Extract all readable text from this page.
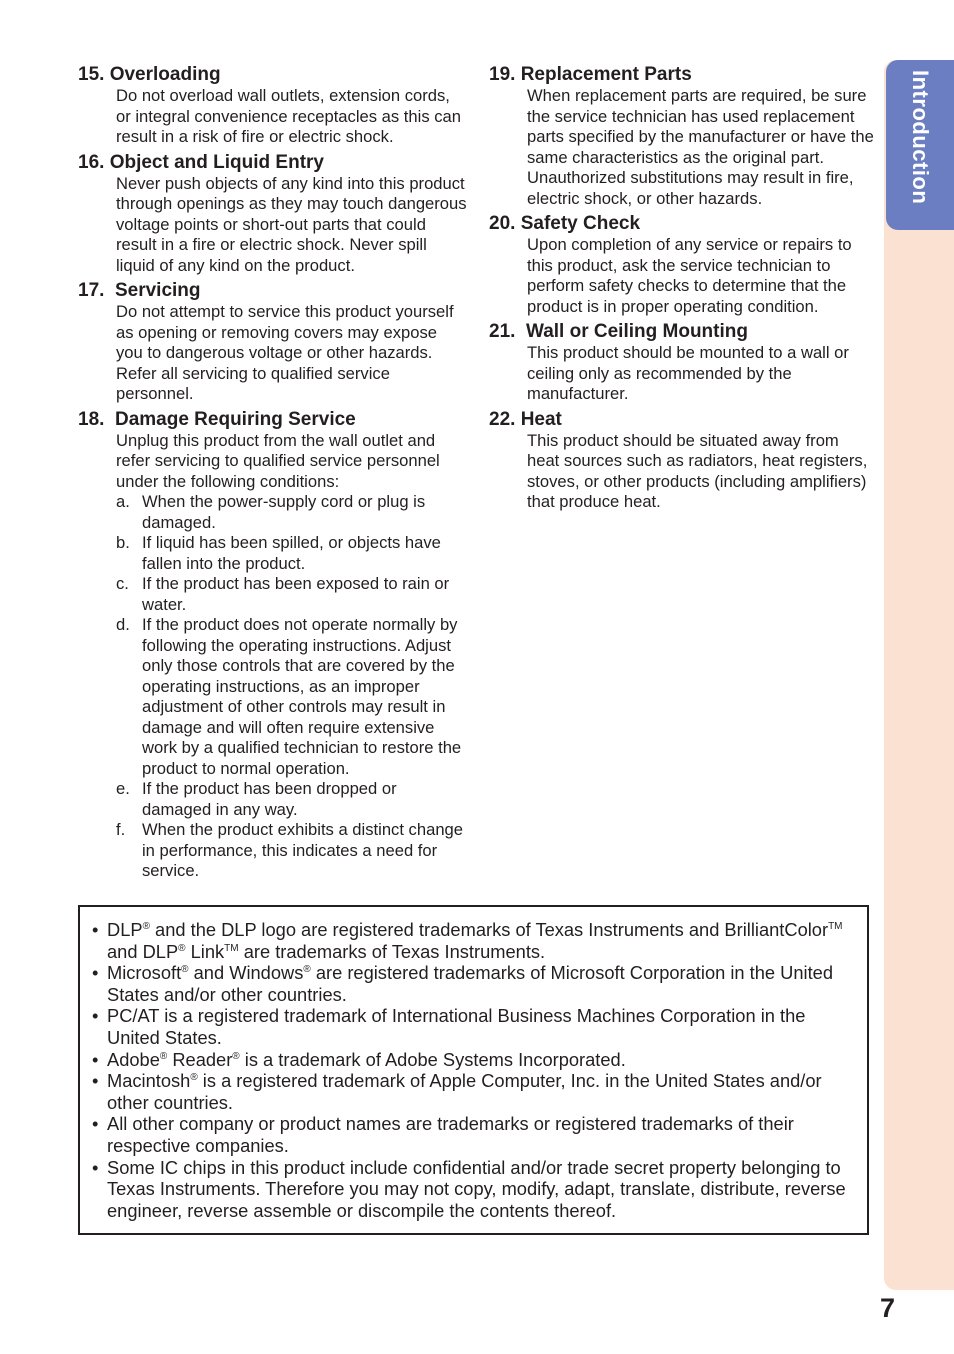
Introduction
7

15. Overloading

Do not overload wall outlets, extension cords, or integral convenience receptacles as this can result in a risk of fire or electric shock.

16. Object and Liquid Entry

Never push objects of any kind into this product through openings as they may touch dangerous voltage points or short-out parts that could result in a fire or electric shock. Never spill liquid of any kind on the product.

17. Servicing

Do not attempt to service this product yourself as opening or removing covers may expose you to dangerous voltage or other hazards. Refer all servicing to qualified service personnel.

18. Damage Requiring Service

Unplug this product from the wall outlet and refer servicing to qualified service personnel under the following conditions:

a. When the power-supply cord or plug is damaged.
b. If liquid has been spilled, or objects have fallen into the product.
c. If the product has been exposed to rain or water.
d. If the product does not operate normally by following the operating instructions. Adjust only those controls that are covered by the operating instructions, as an improper adjustment of other controls may result in damage and will often require extensive work by a qualified technician to restore the product to normal operation.
e. If the product has been dropped or damaged in any way.
f.	When the product exhibits a distinct change in performance, this indicates a need for service.

19. Replacement Parts

When replacement parts are required, be sure the service technician has used replacement parts specified by the manufacturer or have the same characteristics as the original part. Unauthorized substitutions may result in fire, electric shock, or other hazards.

20. Safety Check

Upon completion of any service or repairs to this product, ask the service technician to perform safety checks to determine that the product is in proper operating condition.

21. Wall or Ceiling Mounting

This product should be mounted to a wall or ceiling only as recommended by the manufacturer.

22. Heat

This product should be situated away from heat sources such as radiators, heat registers, stoves, or other products (including amplifiers) that produce heat.

• DLP® and the DLP logo are registered trademarks of Texas Instruments and BrilliantColor™ and DLP® Link™ are trademarks of Texas Instruments.
• Microsoft® and Windows® are registered trademarks of Microsoft Corporation in the United States and/or other countries.
• PC/AT is a registered trademark of International Business Machines Corporation in the United States.
• Adobe® Reader® is a trademark of Adobe Systems Incorporated.
• Macintosh® is a registered trademark of Apple Computer, Inc. in the United States and/or other countries.
• All other company or product names are trademarks or registered trademarks of their respective companies.
• Some IC chips in this product include confidential and/or trade secret property belonging to Texas Instruments. Therefore you may not copy, modify, adapt, translate, distribute, reverse engineer, reverse assemble or discompile the contents thereof.
